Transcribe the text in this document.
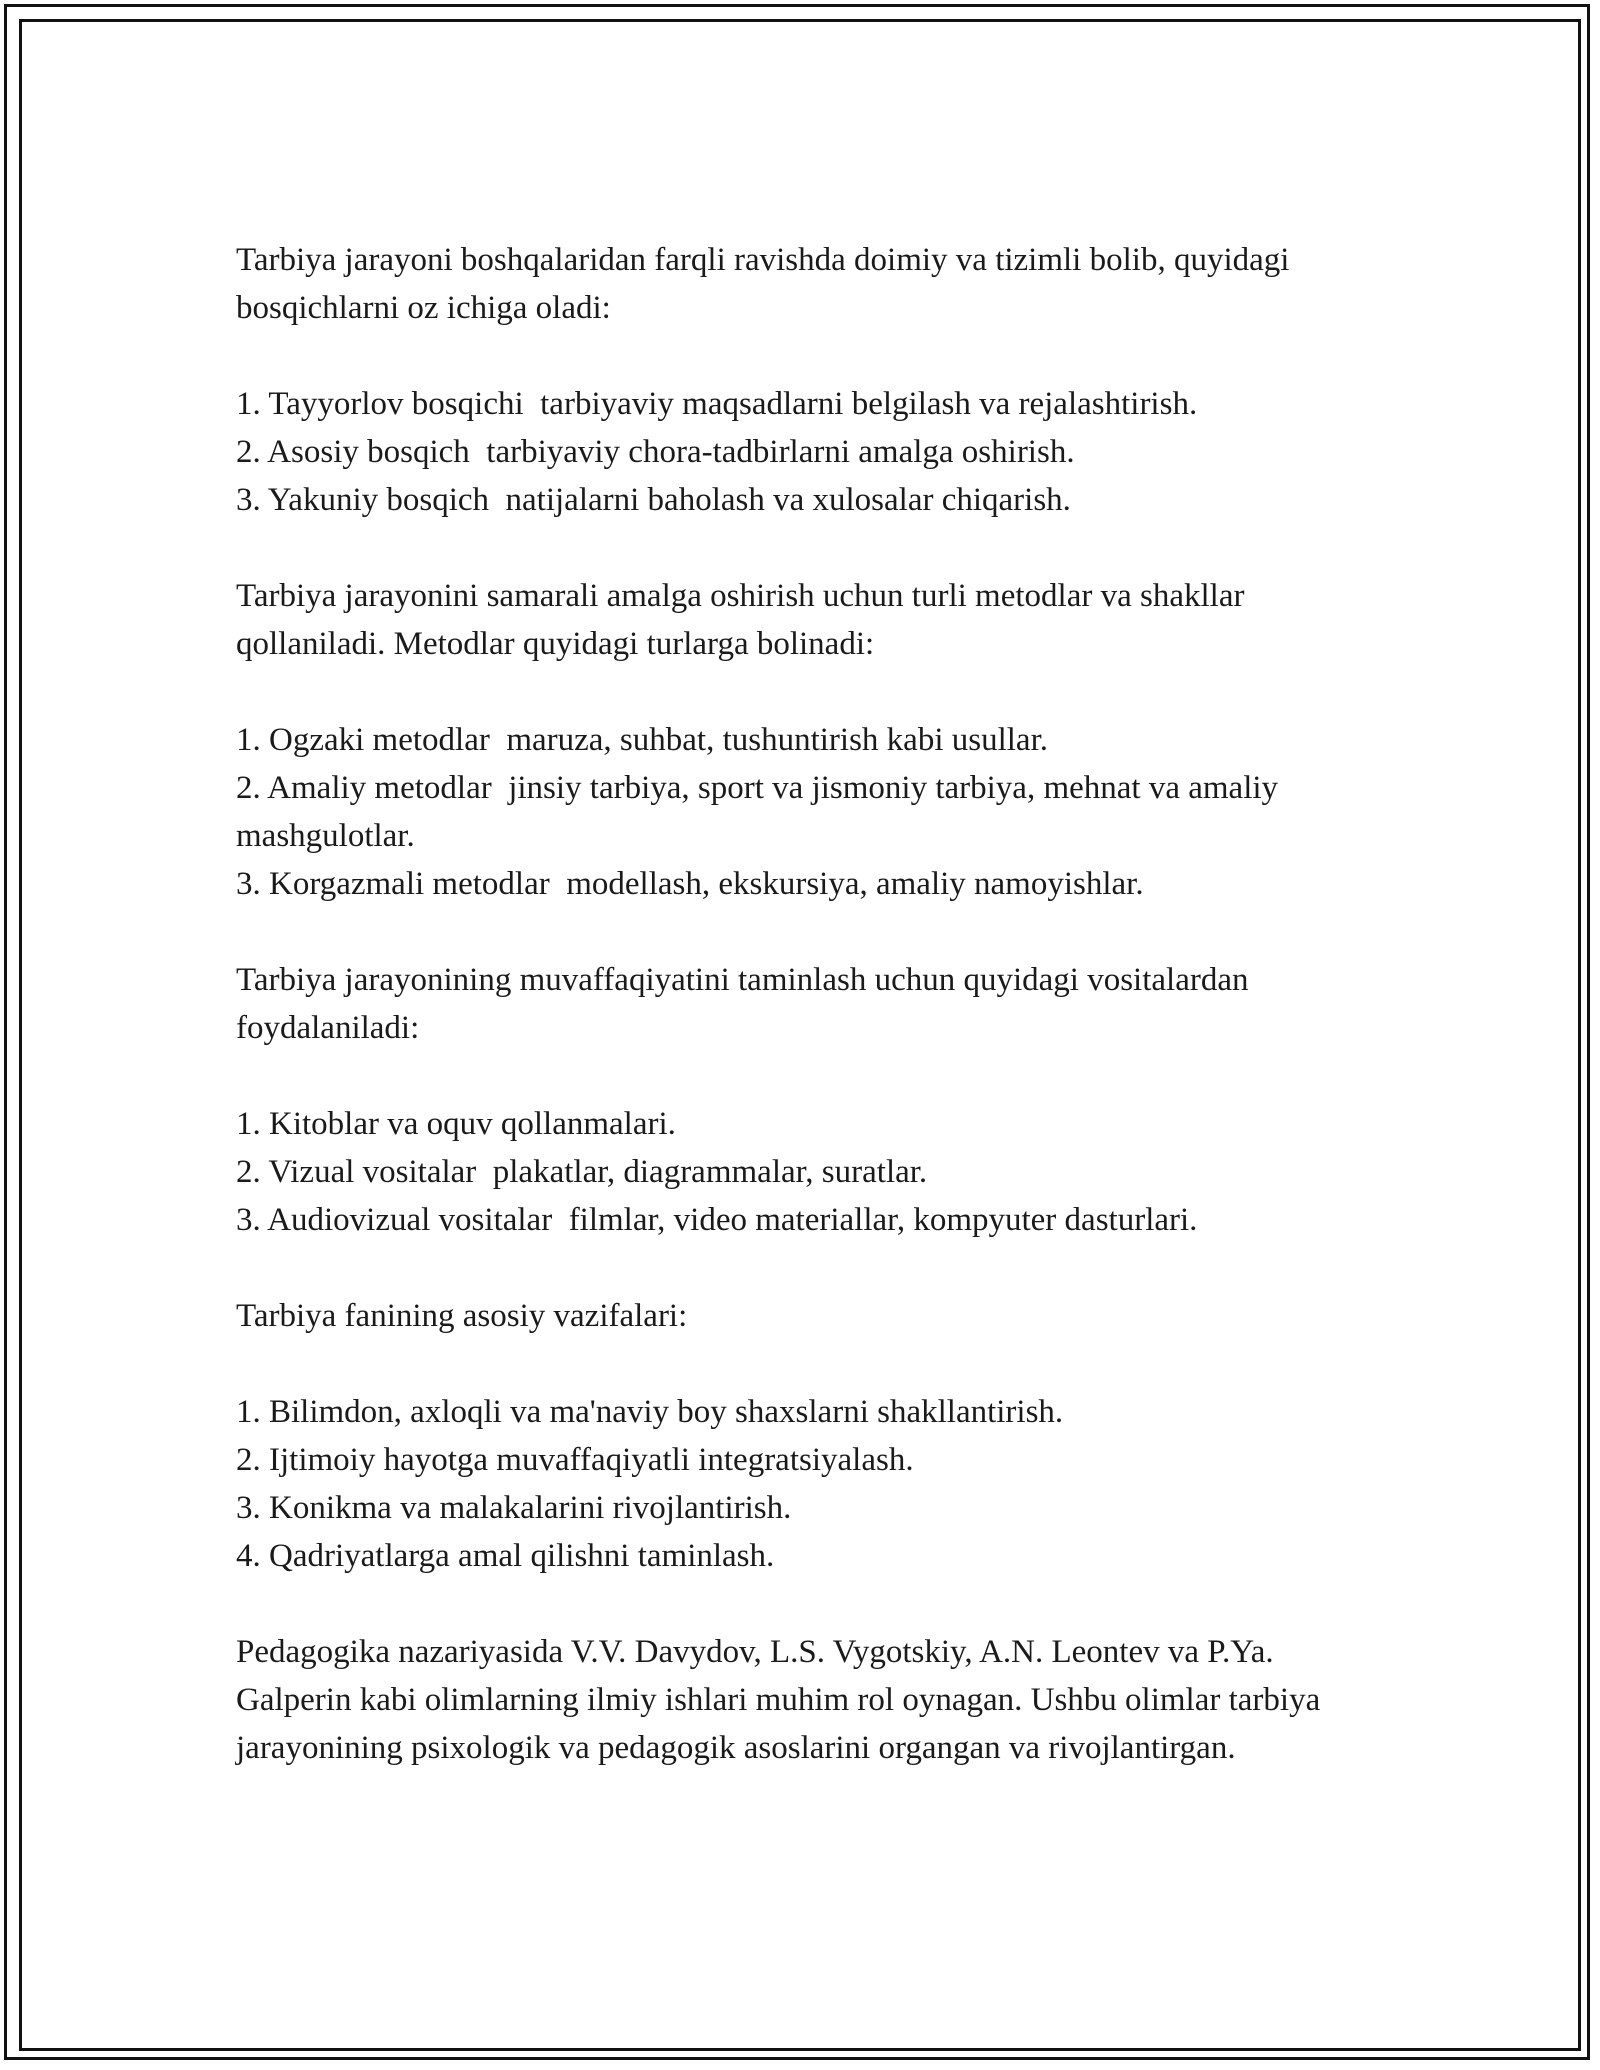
Tarbiya jarayoni boshqalaridan farqli ravishda doimiy va tizimli bolib, quyidagi bosqichlarni oz ichiga oladi:

1. Tayyorlov bosqichi  tarbiyaviy maqsadlarni belgilash va rejalashtirish.
2. Asosiy bosqich  tarbiyaviy chora-tadbirlarni amalga oshirish.
3. Yakuniy bosqich  natijalarni baholash va xulosalar chiqarish.

Tarbiya jarayonini samarali amalga oshirish uchun turli metodlar va shakllar qollaniladi. Metodlar quyidagi turlarga bolinadi:

1. Ogzaki metodlar  maruza, suhbat, tushuntirish kabi usullar.
2. Amaliy metodlar  jinsiy tarbiya, sport va jismoniy tarbiya, mehnat va amaliy mashgulotlar.
3. Korgazmali metodlar  modellash, ekskursiya, amaliy namoyishlar.

Tarbiya jarayonining muvaffaqiyatini taminlash uchun quyidagi vositalardan foydalaniladi:

1. Kitoblar va oquv qollanmalari.
2. Vizual vositalar  plakatlar, diagrammalar, suratlar.
3. Audiovizual vositalar  filmlar, video materiallar, kompyuter dasturlari.

Tarbiya fanining asosiy vazifalari:

1. Bilimdon, axloqli va ma'naviy boy shaxslarni shakllantirish.
2. Ijtimoiy hayotga muvaffaqiyatli integratsiyalash.
3. Konikma va malakalarini rivojlantirish.
4. Qadriyatlarga amal qilishni taminlash.

Pedagogika nazariyasida V.V. Davydov, L.S. Vygotskiy, A.N. Leontev va P.Ya. Galperin kabi olimlarning ilmiy ishlari muhim rol oynagan. Ushbu olimlar tarbiya jarayonining psixologik va pedagogik asoslarini organgan va rivojlantirgan.
